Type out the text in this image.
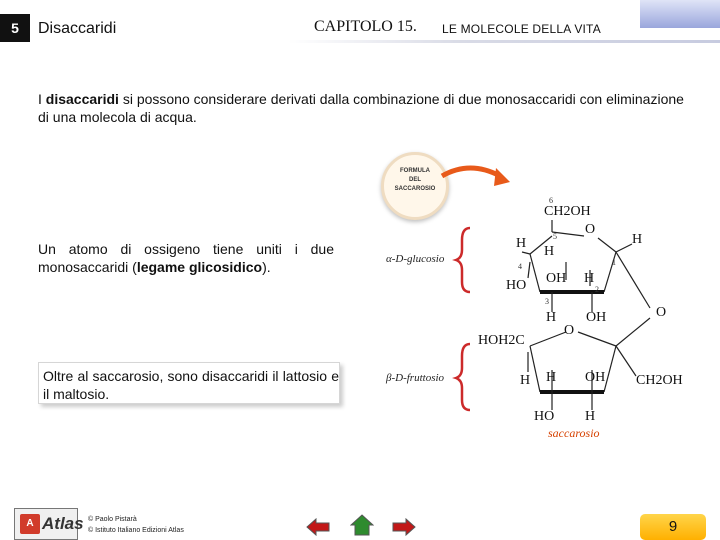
5	Disaccaridi	CAPITOLO 15. LE MOLECOLE DELLA VITA
I disaccaridi si possono considerare derivati dalla combinazione di due monosaccaridi con eliminazione di una molecola di acqua.
Un atomo di ossigeno tiene uniti i due monosaccaridi (legame glicosidico).
Oltre al saccarosio, sono disaccaridi il lattosio e il maltosio.
FORMULA
DEL
SACCAROSIO
α-D-glucosio
β-D-fruttosio
CH2OH
O
H
H
H
OH H
HO
H OH	O
O
HOH2C
H H OH CH2OH
HO H
6
5
4
3
2
1
saccarosio
A Atlas © Paolo Pistarà
© Istituto Italiano Edizioni Atlas	9
